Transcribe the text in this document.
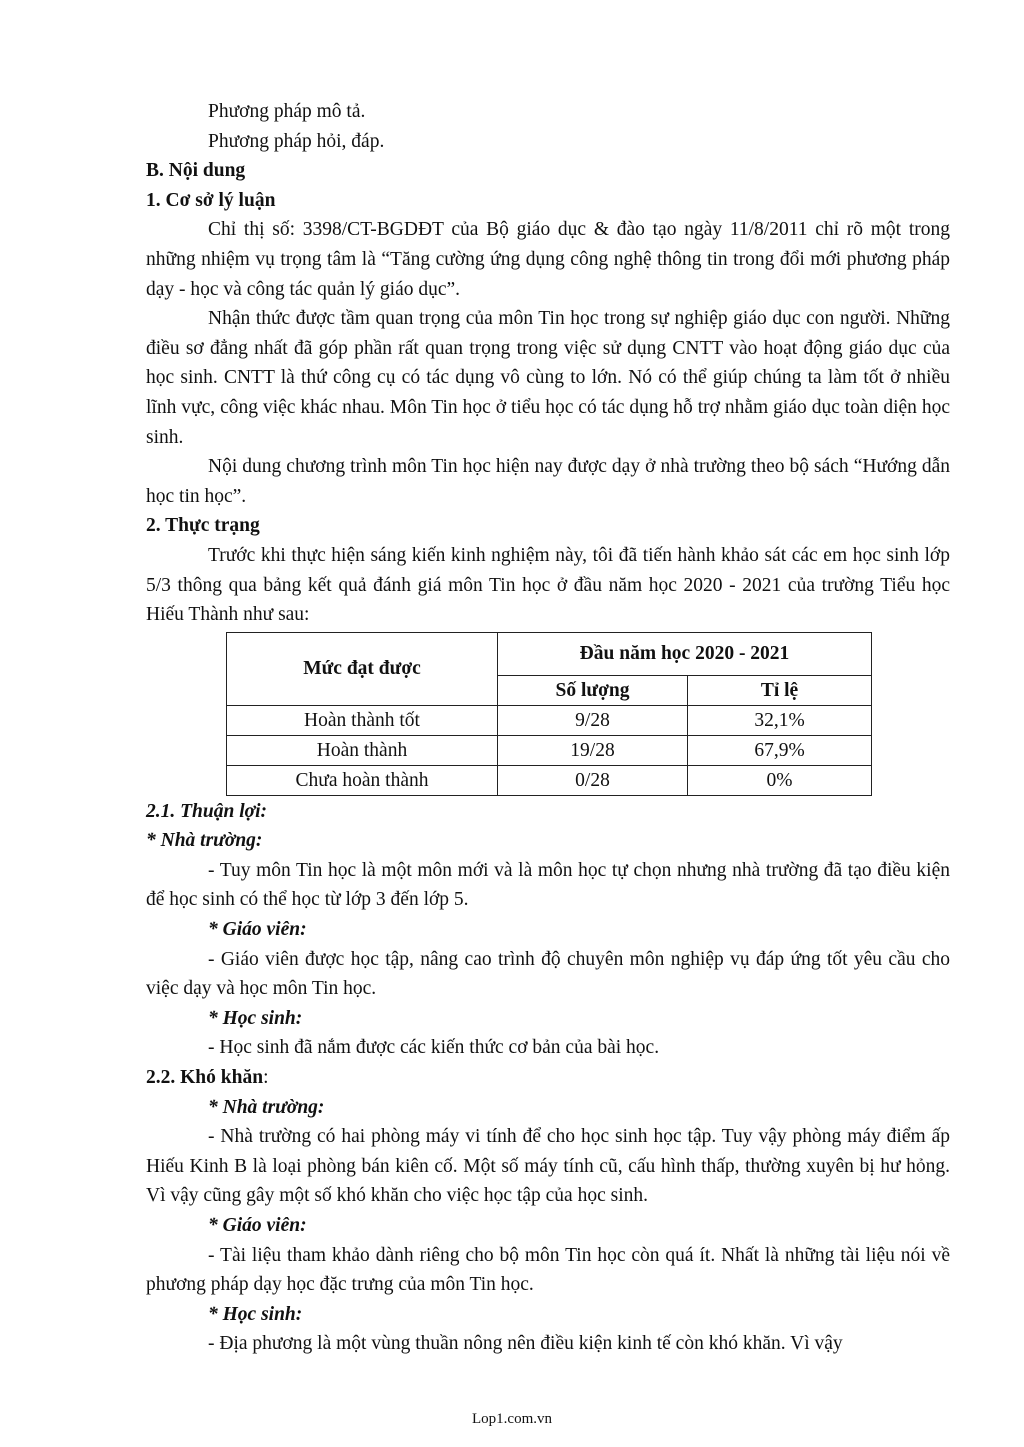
Phương pháp mô tả.

Phương pháp hỏi, đáp.

B. Nội dung

1. Cơ sở lý luận

Chỉ thị số: 3398/CT-BGDĐT của Bộ giáo dục & đào tạo ngày 11/8/2011 chỉ rõ một trong những nhiệm vụ trọng tâm là “Tăng cường ứng dụng công nghệ thông tin trong đổi mới phương pháp dạy - học và công tác quản lý giáo dục”.

Nhận thức được tầm quan trọng của môn Tin học trong sự nghiệp giáo dục con người. Những điều sơ đẳng nhất đã góp phần rất quan trọng trong việc sử dụng CNTT vào hoạt động giáo dục của học sinh. CNTT là thứ công cụ có tác dụng vô cùng to lớn. Nó có thể giúp chúng ta làm tốt ở nhiều lĩnh vực, công việc khác nhau. Môn Tin học ở tiểu học có tác dụng hỗ trợ nhằm giáo dục toàn diện học sinh.

Nội dung chương trình môn Tin học hiện nay được dạy ở nhà trường theo bộ sách “Hướng dẫn học tin học”.

2. Thực trạng

Trước khi thực hiện sáng kiến kinh nghiệm này, tôi đã tiến hành khảo sát các em học sinh lớp 5/3 thông qua bảng kết quả đánh giá môn Tin học ở đầu năm học 2020 - 2021 của trường Tiểu học Hiếu Thành như sau:

Mức đạt được	Đầu năm học 2020 - 2021	
	Số lượng	Tỉ lệ
Hoàn thành tốt	9/28	32,1%
Hoàn thành	19/28	67,9%
Chưa hoàn thành	0/28	0%

2.1. Thuận lợi:

* Nhà trường:

- Tuy môn Tin học là một môn mới và là môn học tự chọn nhưng nhà trường đã tạo điều kiện để học sinh có thể học từ lớp 3 đến lớp 5.

* Giáo viên:

- Giáo viên được học tập, nâng cao trình độ chuyên môn nghiệp vụ đáp ứng tốt yêu cầu cho việc dạy và học môn Tin học.

* Học sinh:

- Học sinh đã nắm được các kiến thức cơ bản của bài học.

2.2. Khó khăn:

* Nhà trường:

- Nhà trường có hai phòng máy vi tính để cho học sinh học tập. Tuy vậy phòng máy điểm ấp Hiếu Kinh B là loại phòng bán kiên cố. Một số máy tính cũ, cấu hình thấp, thường xuyên bị hư hỏng. Vì vậy cũng gây một số khó khăn cho việc học tập của học sinh.

* Giáo viên:

- Tài liệu tham khảo dành riêng cho bộ môn Tin học còn quá ít. Nhất là những tài liệu nói về phương pháp dạy học đặc trưng của môn Tin học.

* Học sinh:

- Địa phương là một vùng thuần nông nên điều kiện kinh tế còn khó khăn. Vì vậy

Lop1.com.vn
